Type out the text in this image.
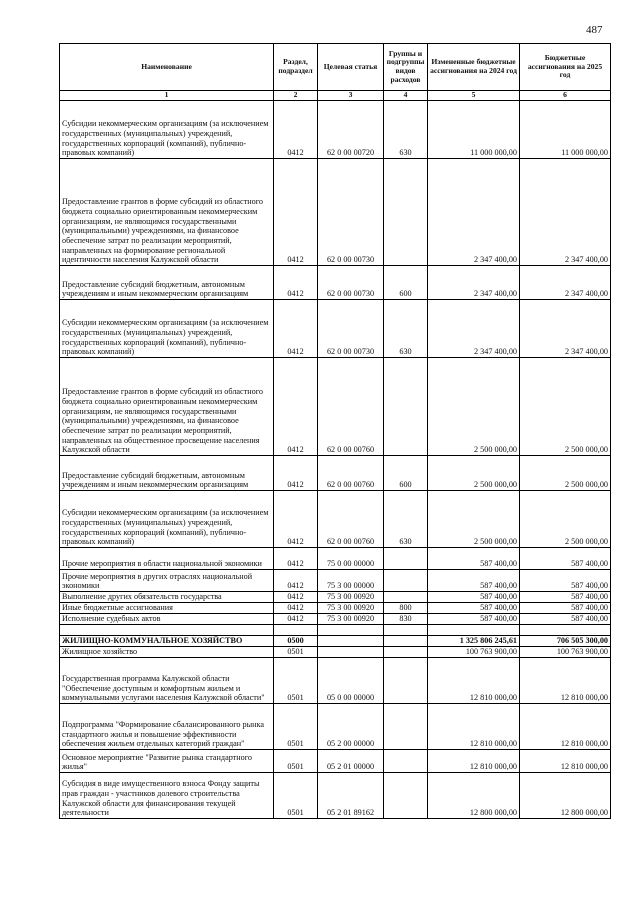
487
Наименование	Раздел, подраздел	Целевая статья	Группы и подгруппы видов расходов	Измененные бюджетные ассигнования на 2024 год	Бюджетные ассигнования на 2025 год
1	2	3	4	5	6
Субсидии некоммерческим организациям (за исключением государственных (муниципальных) учреждений, государственных корпораций (компаний), публично-правовых компаний)	0412	62 0 00 00720	630	11 000 000,00	11 000 000,00
Предоставление грантов в форме субсидий из областного бюджета социально ориентированным некоммерческим организациям, не являющимся государственными (муниципальными) учреждениями, на финансовое обеспечение затрат по реализации мероприятий, направленных на формирование региональной идентичности населения Калужской области	0412	62 0 00 00730		2 347 400,00	2 347 400,00
Предоставление субсидий бюджетным, автономным учреждениям и иным некоммерческим организациям	0412	62 0 00 00730	600	2 347 400,00	2 347 400,00
Субсидии некоммерческим организациям (за исключением государственных (муниципальных) учреждений, государственных корпораций (компаний), публично-правовых компаний)	0412	62 0 00 00730	630	2 347 400,00	2 347 400,00
Предоставление грантов в форме субсидий из областного бюджета социально ориентированным некоммерческим организациям, не являющимся государственными (муниципальными) учреждениями, на финансовое обеспечение затрат по реализации мероприятий, направленных на общественное просвещение населения Калужской области	0412	62 0 00 00760		2 500 000,00	2 500 000,00
Предоставление субсидий бюджетным, автономным учреждениям и иным некоммерческим организациям	0412	62 0 00 00760	600	2 500 000,00	2 500 000,00
Субсидии некоммерческим организациям (за исключением государственных (муниципальных) учреждений, государственных корпораций (компаний), публично-правовых компаний)	0412	62 0 00 00760	630	2 500 000,00	2 500 000,00
Прочие мероприятия в области национальной экономики	0412	75 0 00 00000		587 400,00	587 400,00
Прочие мероприятия в других отраслях национальной экономики	0412	75 3 00 00000		587 400,00	587 400,00
Выполнение других обязательств государства	0412	75 3 00 00920		587 400,00	587 400,00
Иные бюджетные ассигнования	0412	75 3 00 00920	800	587 400,00	587 400,00
Исполнение судебных актов	0412	75 3 00 00920	830	587 400,00	587 400,00

ЖИЛИЩНО-КОММУНАЛЬНОЕ ХОЗЯЙСТВО	0500			1 325 806 245,61	706 505 300,00
Жилищное хозяйство	0501			100 763 900,00	100 763 900,00
Государственная программа Калужской области "Обеспечение доступным и комфортным жильем и коммунальными услугами населения Калужской области"	0501	05 0 00 00000		12 810 000,00	12 810 000,00
Подпрограмма "Формирование сбалансированного рынка стандартного жилья и повышение эффективности обеспечения жильем отдельных категорий граждан"	0501	05 2 00 00000		12 810 000,00	12 810 000,00
Основное мероприятие "Развитие рынка стандартного жилья"	0501	05 2 01 00000		12 810 000,00	12 810 000,00
Субсидия в виде имущественного взноса Фонду защиты прав граждан - участников долевого строительства Калужской области для финансирования текущей деятельности	0501	05 2 01 89162		12 800 000,00	12 800 000,00
